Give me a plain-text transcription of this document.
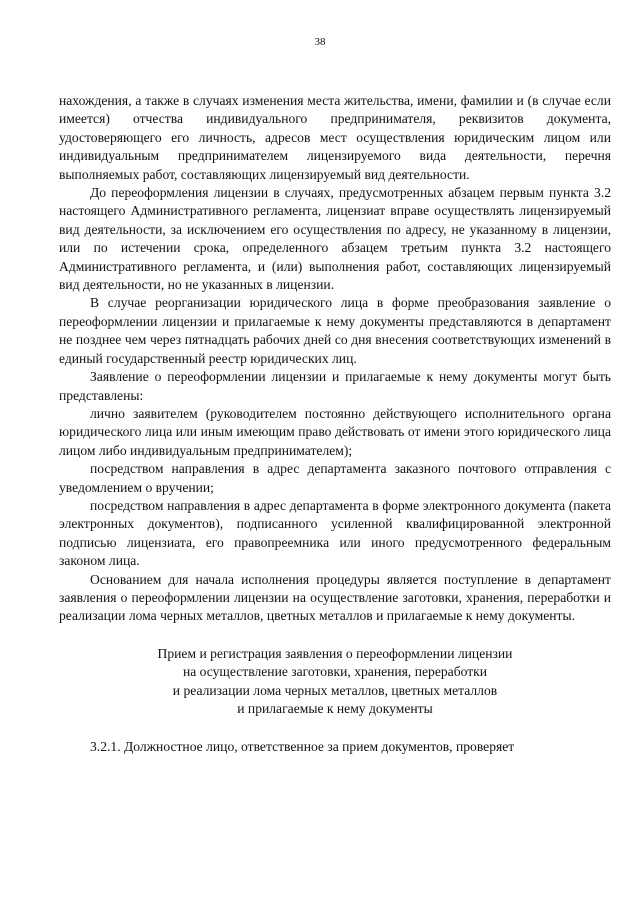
38

нахождения, а также в случаях изменения места жительства, имени, фамилии и (в случае если имеется) отчества индивидуального предпринимателя, реквизитов документа, удостоверяющего его личность, адресов мест осуществления юридическим лицом или индивидуальным предпринимателем лицензируемого вида деятельности, перечня выполняемых работ, составляющих лицензируемый вид деятельности.

До переоформления лицензии в случаях, предусмотренных абзацем первым пункта 3.2 настоящего Административного регламента, лицензиат вправе осуществлять лицензируемый вид деятельности, за исключением его осуществления по адресу, не указанному в лицензии, или по истечении срока, определенного абзацем третьим пункта 3.2 настоящего Административного регламента, и (или) выполнения работ, составляющих лицензируемый вид деятельности, но не указанных в лицензии.

В случае реорганизации юридического лица в форме преобразования заявление о переоформлении лицензии и прилагаемые к нему документы представляются в департамент не позднее чем через пятнадцать рабочих дней со дня внесения соответствующих изменений в единый государственный реестр юридических лиц.

Заявление о переоформлении лицензии и прилагаемые к нему документы могут быть представлены:

лично заявителем (руководителем постоянно действующего исполнительного органа юридического лица или иным имеющим право действовать от имени этого юридического лица лицом либо индивидуальным предпринимателем);

посредством направления в адрес департамента заказного почтового отправления с уведомлением о вручении;

посредством направления в адрес департамента в форме электронного документа (пакета электронных документов), подписанного усиленной квалифицированной электронной подписью лицензиата, его правопреемника или иного предусмотренного федеральным законом лица.

Основанием для начала исполнения процедуры является поступление в департамент заявления о переоформлении лицензии на осуществление заготовки, хранения, переработки и реализации лома черных металлов, цветных металлов и прилагаемые к нему документы.

Прием и регистрация заявления о переоформлении лицензии
на осуществление заготовки, хранения, переработки
и реализации лома черных металлов, цветных металлов
и прилагаемые к нему документы

3.2.1. Должностное лицо, ответственное за прием документов, проверяет
